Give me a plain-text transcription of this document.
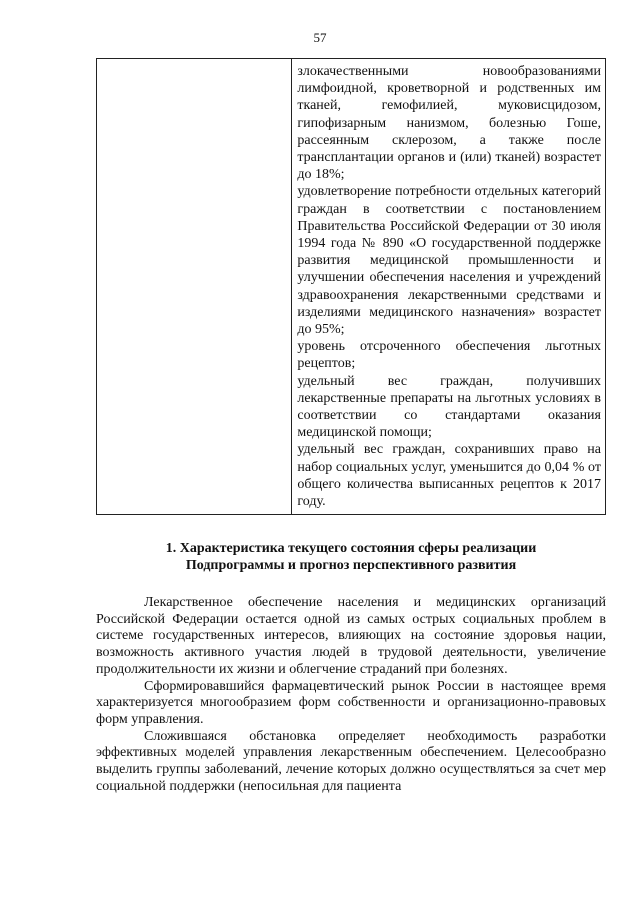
57

злокачественными новообразованиями лимфоидной, кроветворной и родственных им тканей, гемофилией, муковисцидозом, гипофизарным нанизмом, болезнью Гоше, рассеянным склерозом, а также после трансплантации органов и (или) тканей) возрастет до 18%;

удовлетворение потребности отдельных категорий граждан в соответствии с постановлением Правительства Российской Федерации от 30 июля 1994 года № 890 «О государственной поддержке развития медицинской промышленности и улучшении обеспечения населения и учреждений здравоохранения лекарственными средствами и изделиями медицинского назначения» возрастет до 95%;

уровень отсроченного обеспечения льготных рецептов;

удельный вес граждан, получивших лекарственные препараты на льготных условиях в соответствии со стандартами оказания медицинской помощи;

удельный вес граждан, сохранивших право на набор социальных услуг, уменьшится до 0,04 % от общего количества выписанных рецептов к 2017 году.

1. Характеристика текущего состояния сферы реализации
Подпрограммы и прогноз перспективного развития

Лекарственное обеспечение населения и медицинских организаций Российской Федерации остается одной из самых острых социальных проблем в системе государственных интересов, влияющих на состояние здоровья нации, возможность активного участия людей в трудовой деятельности, увеличение продолжительности их жизни и облегчение страданий при болезнях.

Сформировавшийся фармацевтический рынок России в настоящее время характеризуется многообразием форм собственности и организационно-правовых форм управления.

Сложившаяся обстановка определяет необходимость разработки эффективных моделей управления лекарственным обеспечением. Целесообразно выделить группы заболеваний, лечение которых должно осуществляться за счет мер социальной поддержки (непосильная для пациента
